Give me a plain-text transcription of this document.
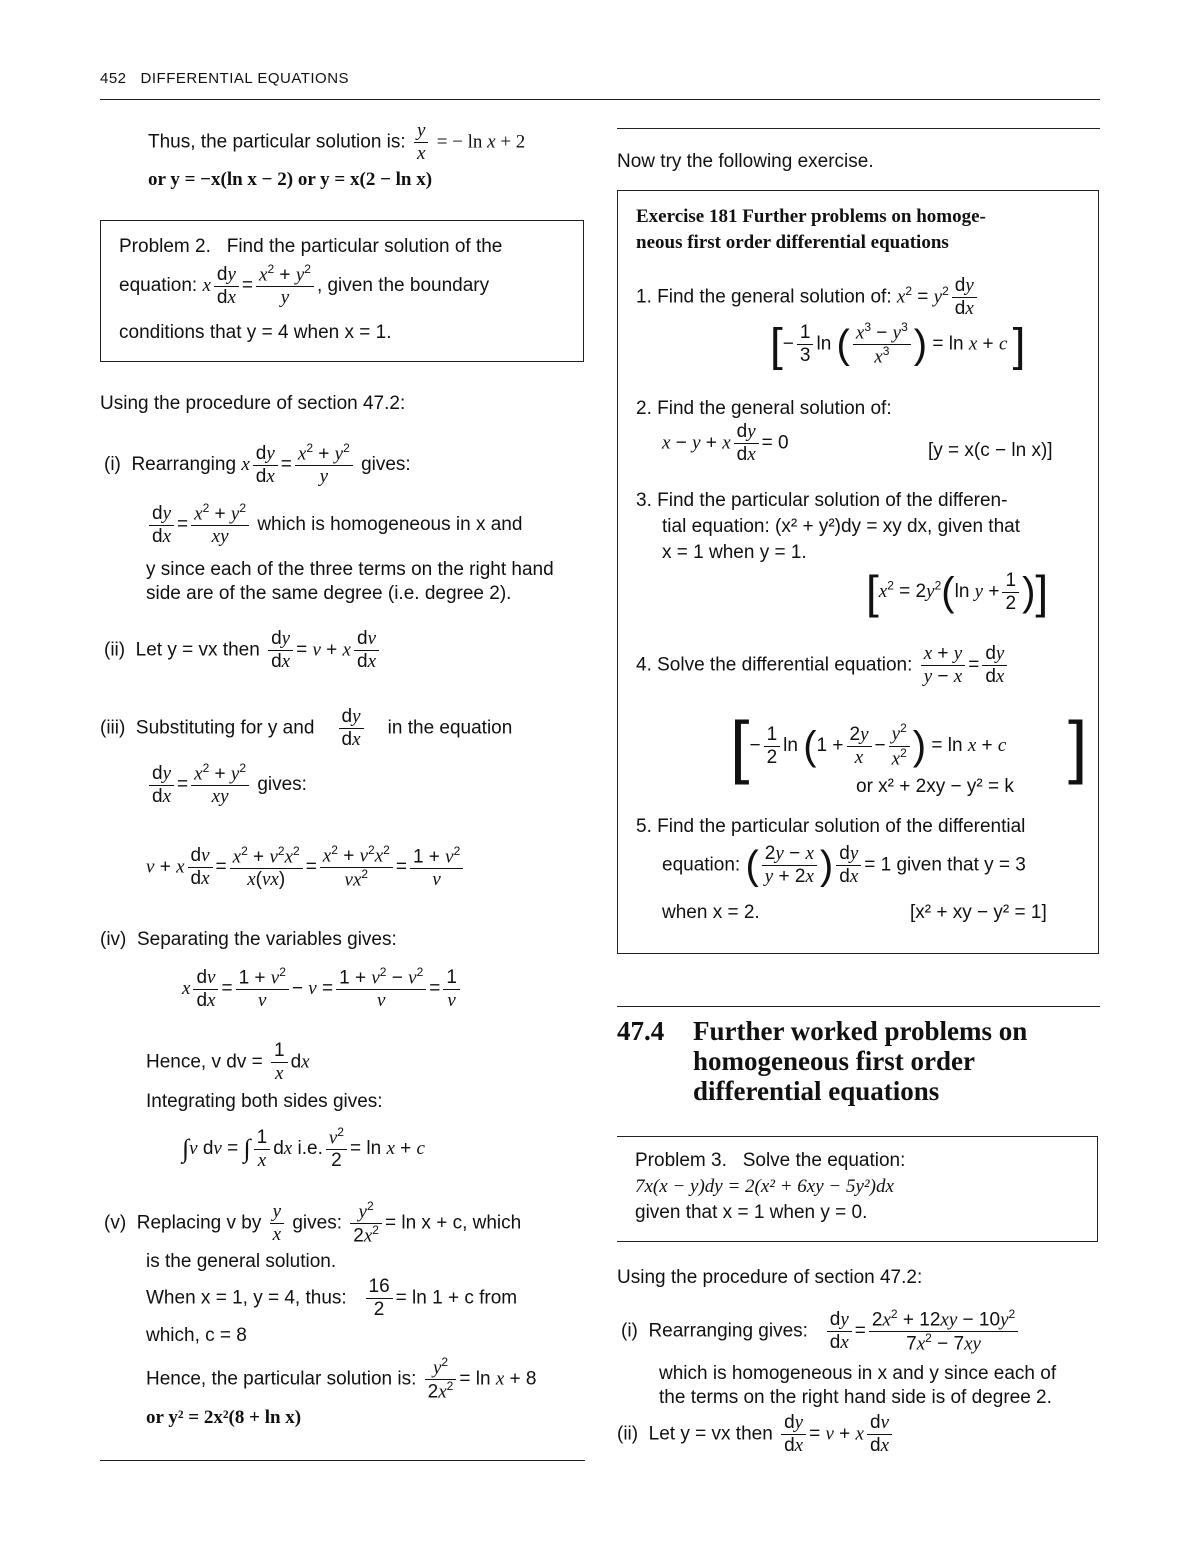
452 DIFFERENTIAL EQUATIONS
Thus, the particular solution is: $\frac{y}{x}$ = − ln x + 2
or y = −x(ln x − 2) or y = x(2 − ln x)
Problem 2. Find the particular solution of the
equation: x $\frac{dy}{dx} = \frac{x^2 + y^2}{y}$ , given the boundary
conditions that y = 4 when x = 1.
Using the procedure of section 47.2:
(i) Rearranging x $\frac{dy}{dx} = \frac{x^2 + y^2}{y}$ gives:
$\frac{dy}{dx} = \frac{x^2 + y^2}{xy}$ which is homogeneous in x and
y since each of the three terms on the right hand
side are of the same degree (i.e. degree 2).
(ii) Let y = vx then $\frac{dy}{dx} = v + x \frac{dv}{dx}$
(iii) Substituting for y and $\frac{dy}{dx}$ in the equation
$\frac{dy}{dx} = \frac{x^2 + y^2}{xy}$ gives:
v + x $\frac{dv}{dx} = \frac{x^2 + v^2x^2}{x(vx)} = \frac{x^2 + v^2x^2}{vx^2} = \frac{1 + v^2}{v}$
(iv) Separating the variables gives:
x $\frac{dv}{dx} = \frac{1 + v^2}{v} - v = \frac{1 + v^2 - v^2}{v} = \frac{1}{v}$
Hence, v dv = $\frac{1}{x}$ dx
Integrating both sides gives:
∫v dv = ∫ $\frac{1}{x}$ dx i.e. $\frac{v^2}{2} = \ln x + c$
(v) Replacing v by $\frac{y}{x}$ gives: $\frac{y^2}{2x^2} = \ln x + c$, which
is the general solution.
When x = 1, y = 4, thus: $\frac{16}{2} = \ln 1 + c$ from
which, c = 8
Hence, the particular solution is: $\frac{y^2}{2x^2} = \ln x + 8$
or y² = 2x²(8 + ln x)
Now try the following exercise.
Exercise 181 Further problems on homoge-
neous first order differential equations
1. Find the general solution of: $x^2 = y^2 \frac{dy}{dx}$
[− $\frac{1}{3}$ ln ( $\frac{x^3 - y^3}{x^3}$ ) = ln x + c ]
2. Find the general solution of:
x − y + x $\frac{dy}{dx} = 0$	[y = x(c − ln x)]
3. Find the particular solution of the differen-
tial equation: (x² + y²)dy = xy dx, given that
x = 1 when y = 1.
[$x^2 = 2y^2(\ln$ $y + \frac{1}{2}$ )]
4. Solve the differential equation: $\frac{x + y}{y - x} = \frac{dy}{dx}$
[− $\frac{1}{2}$ $\ln (1 + \frac{2y}{x} - \frac{y^2}{x^2}$ ) = ln x + c
or x² + 2xy − y² = k
]
5. Find the particular solution of the differential
equation: ( $\frac{2y - x}{y + 2x}$ ) $\frac{dy}{dx} = 1$ given that y = 3
when x = 2.	[x² + xy − y² = 1]
47.4 Further worked problems on
homogeneous first order
differential equations
Problem 3. Solve the equation:
7x(x − y)dy = 2(x² + 6xy − 5y²)dx
given that x = 1 when y = 0.
Using the procedure of section 47.2:
(i) Rearranging gives: $\frac{dy}{dx} = \frac{2x^2 + 12xy - 10y^2}{7x^2 - 7xy}$
which is homogeneous in x and y since each of
the terms on the right hand side is of degree 2.
(ii) Let y = vx then $\frac{dy}{dx} = v + x \frac{dv}{dx}$
